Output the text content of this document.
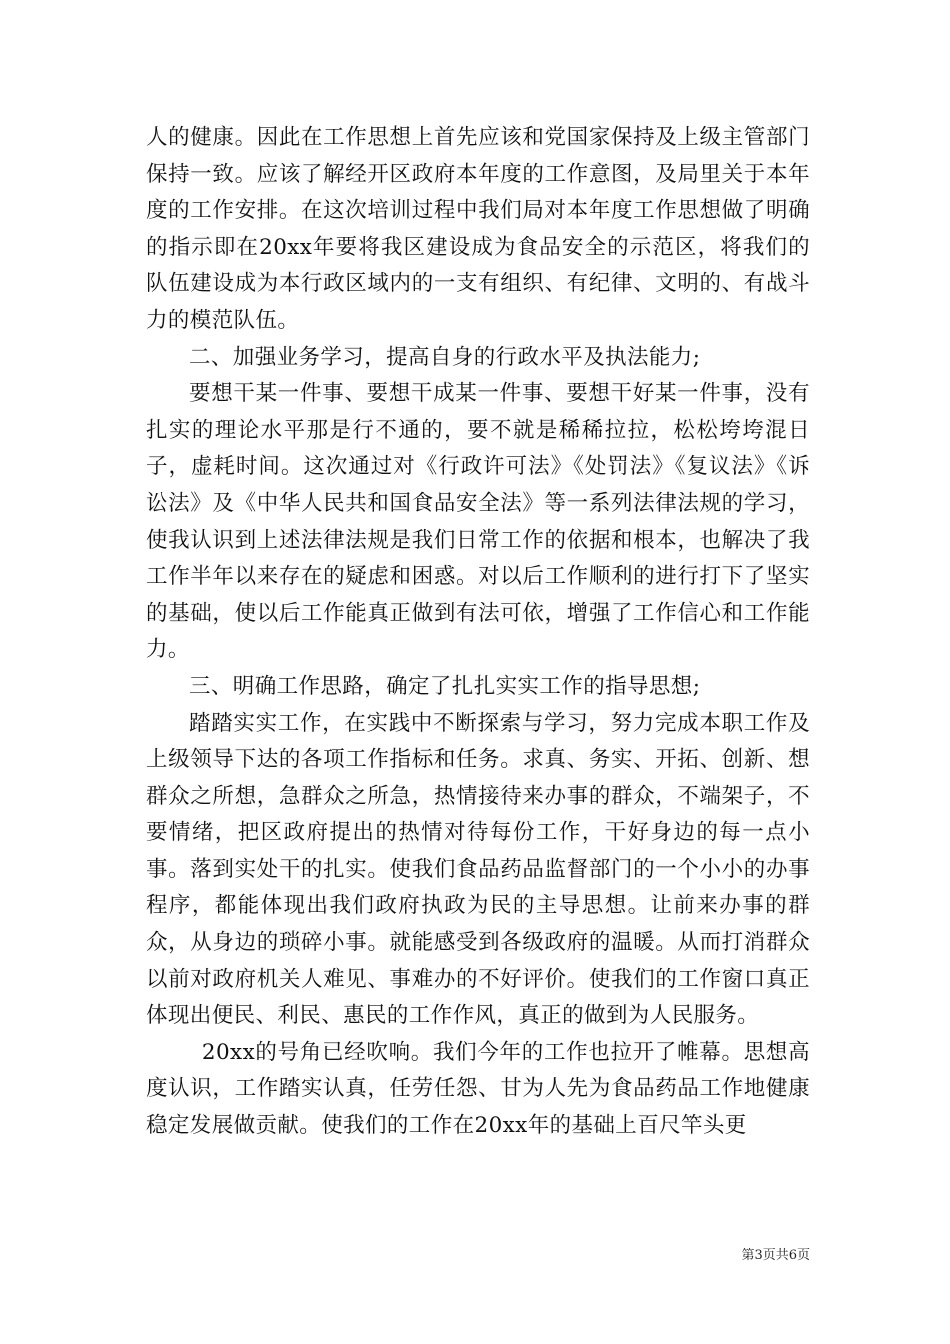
人的健康。因此在工作思想上首先应该和党国家保持及上级主管部门保持一致。应该了解经开区政府本年度的工作意图，及局里关于本年度的工作安排。在这次培训过程中我们局对本年度工作思想做了明确的指示即在20xx年要将我区建设成为食品安全的示范区，将我们的队伍建设成为本行政区域内的一支有组织、有纪律、文明的、有战斗力的模范队伍。

二、加强业务学习，提高自身的行政水平及执法能力;

要想干某一件事、要想干成某一件事、要想干好某一件事，没有扎实的理论水平那是行不通的，要不就是稀稀拉拉，松松垮垮混日子，虚耗时间。这次通过对《行政许可法》《处罚法》《复议法》《诉讼法》及《中华人民共和国食品安全法》等一系列法律法规的学习，使我认识到上述法律法规是我们日常工作的依据和根本，也解决了我工作半年以来存在的疑虑和困惑。对以后工作顺利的进行打下了坚实的基础，使以后工作能真正做到有法可依，增强了工作信心和工作能力。

三、明确工作思路，确定了扎扎实实工作的指导思想;

踏踏实实工作，在实践中不断探索与学习，努力完成本职工作及上级领导下达的各项工作指标和任务。求真、务实、开拓、创新、想群众之所想，急群众之所急，热情接待来办事的群众，不端架子，不要情绪，把区政府提出的热情对待每份工作，干好身边的每一点小事。落到实处干的扎实。使我们食品药品监督部门的一个小小的办事程序，都能体现出我们政府执政为民的主导思想。让前来办事的群众，从身边的琐碎小事。就能感受到各级政府的温暖。从而打消群众以前对政府机关人难见、事难办的不好评价。使我们的工作窗口真正体现出便民、利民、惠民的工作作风，真正的做到为人民服务。

20xx的号角已经吹响。我们今年的工作也拉开了帷幕。思想高度认识，工作踏实认真，任劳任怨、甘为人先为食品药品工作地健康稳定发展做贡献。使我们的工作在20xx年的基础上百尺竿头更

第3页共6页
